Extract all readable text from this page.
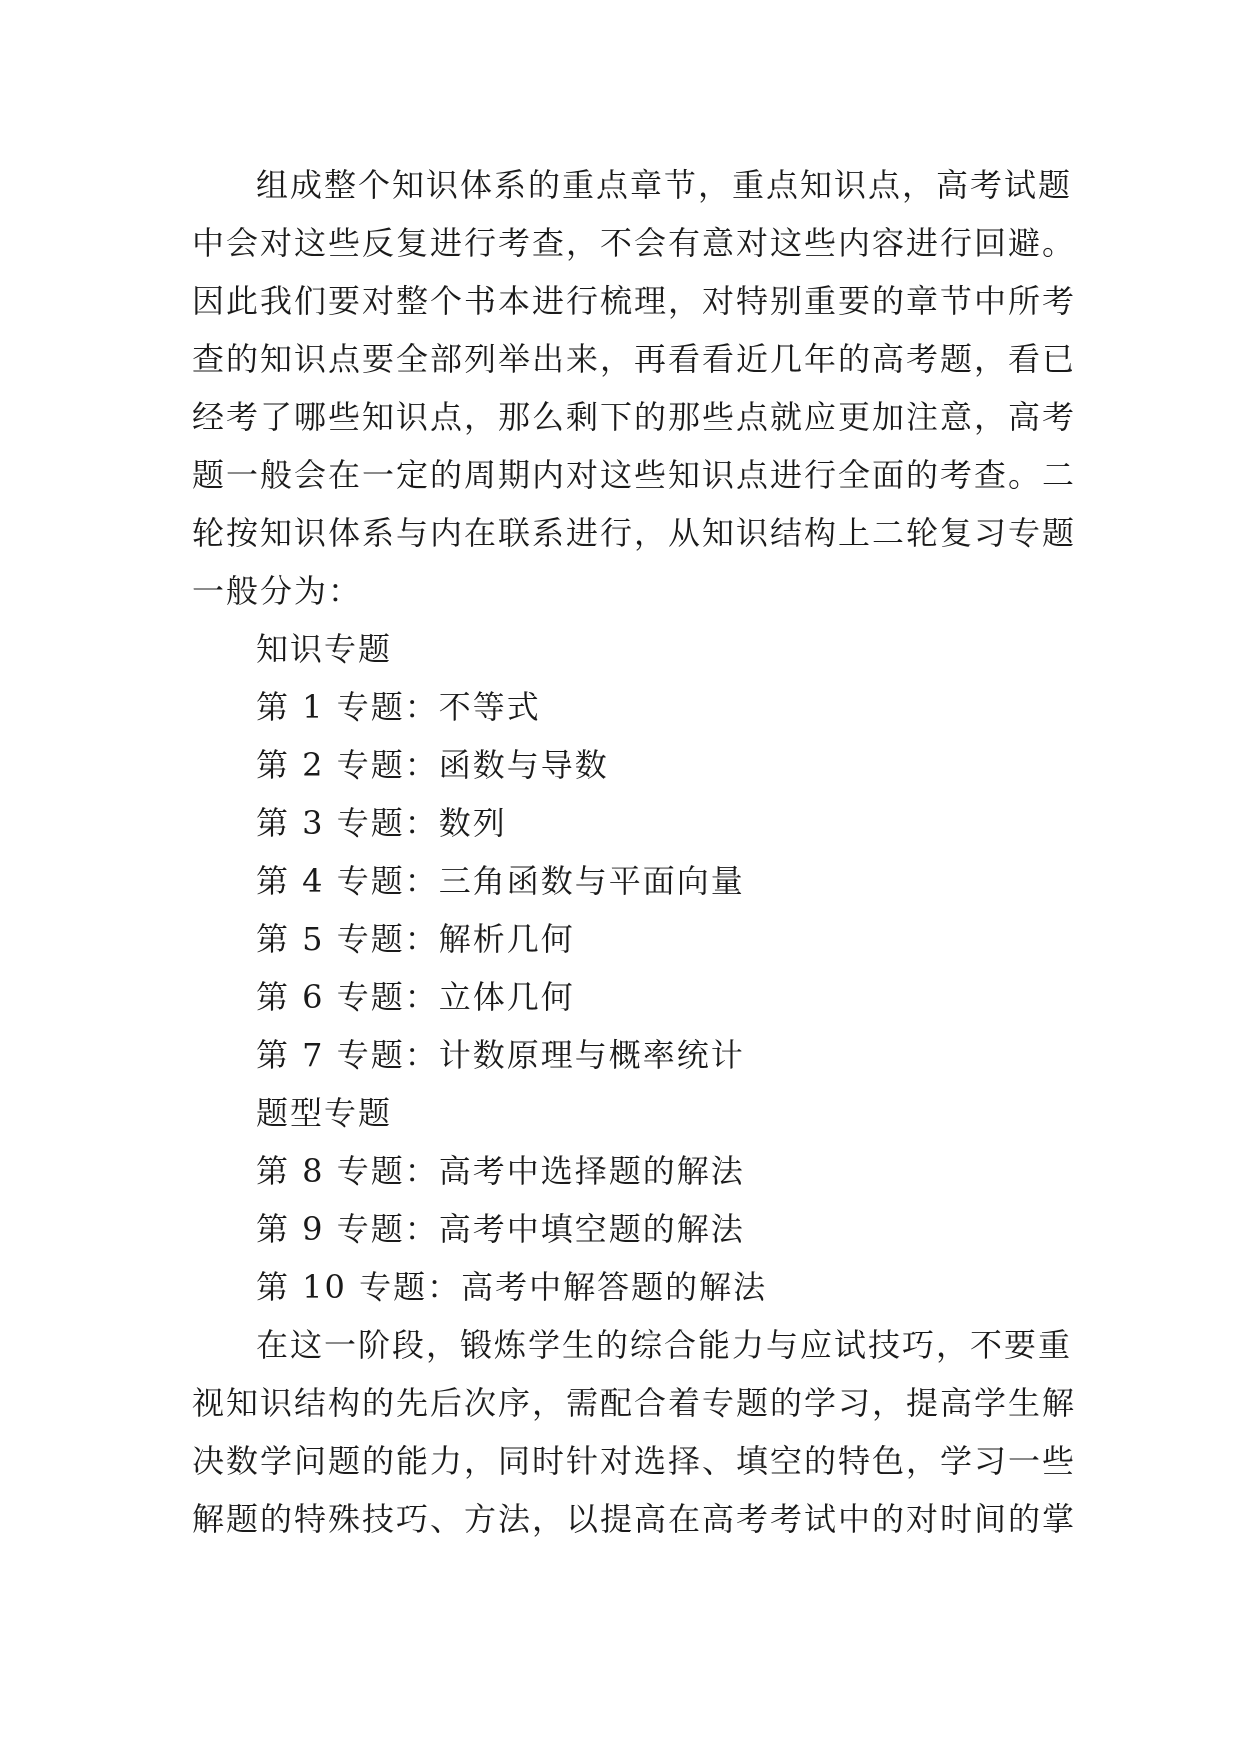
组成整个知识体系的重点章节，重点知识点，高考试题
中会对这些反复进行考查，不会有意对这些内容进行回避。
因此我们要对整个书本进行梳理，对特别重要的章节中所考
查的知识点要全部列举出来，再看看近几年的高考题，看已
经考了哪些知识点，那么剩下的那些点就应更加注意，高考
题一般会在一定的周期内对这些知识点进行全面的考查。二
轮按知识体系与内在联系进行，从知识结构上二轮复习专题
一般分为：
知识专题
第 1 专题：不等式
第 2 专题：函数与导数
第 3 专题：数列
第 4 专题：三角函数与平面向量
第 5 专题：解析几何
第 6 专题：立体几何
第 7 专题：计数原理与概率统计
题型专题
第 8 专题：高考中选择题的解法
第 9 专题：高考中填空题的解法
第 10 专题：高考中解答题的解法
在这一阶段，锻炼学生的综合能力与应试技巧，不要重
视知识结构的先后次序，需配合着专题的学习，提高学生解
决数学问题的能力，同时针对选择、填空的特色，学习一些
解题的特殊技巧、方法，以提高在高考考试中的对时间的掌
